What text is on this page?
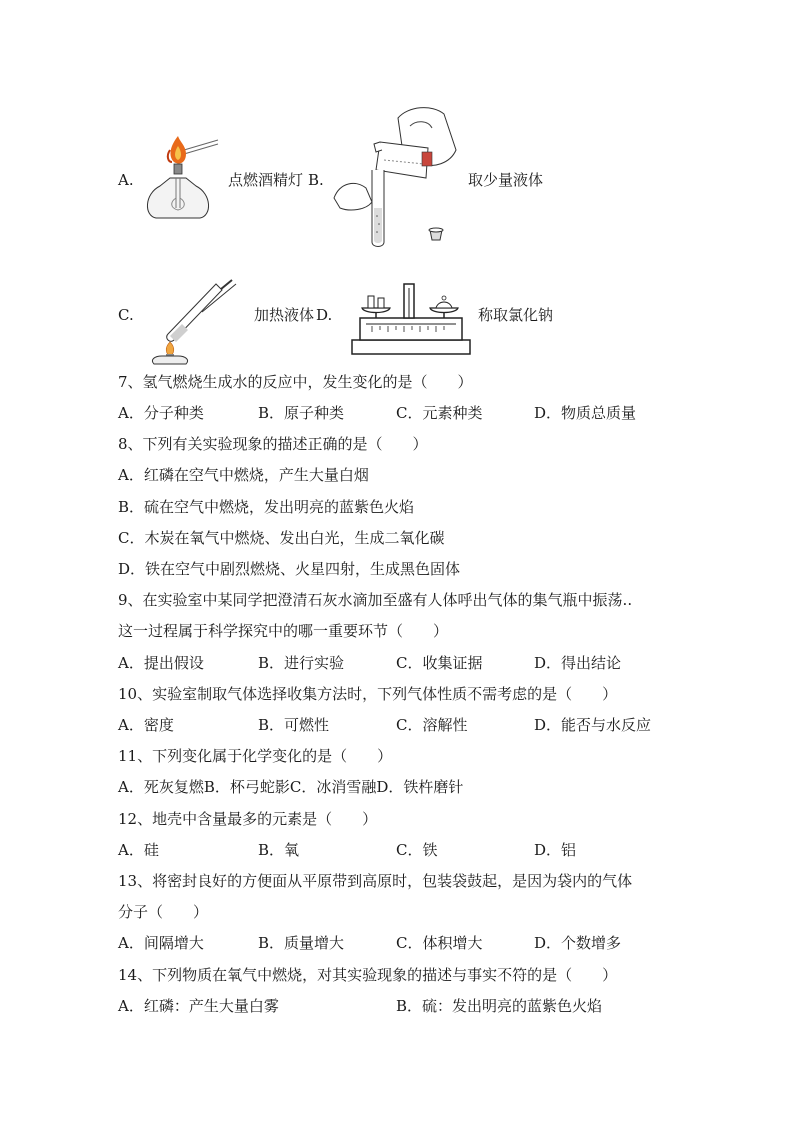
A.	点燃酒精灯 B.	取少量液体
C.	加热液体 D.	称取氯化钠
7、氢气燃烧生成水的反应中，发生变化的是（　　）
A．分子种类	B．原子种类	C．元素种类	D．物质总质量
8、下列有关实验现象的描述正确的是（　　）
A．红磷在空气中燃烧，产生大量白烟
B．硫在空气中燃烧，发出明亮的蓝紫色火焰
C．木炭在氧气中燃烧、发出白光，生成二氧化碳
D．铁在空气中剧烈燃烧、火星四射，生成黑色固体
9、在实验室中某同学把澄清石灰水滴加至盛有人体呼出气体的集气瓶中振荡..
这一过程属于科学探究中的哪一重要环节（　　）
A．提出假设	B．进行实验	C．收集证据	D．得出结论
10、实验室制取气体选择收集方法时，下列气体性质不需考虑的是（　　）
A．密度	B．可燃性	C．溶解性	D．能否与水反应
11、下列变化属于化学变化的是（　　）
A．死灰复燃B．杯弓蛇影C．冰消雪融D．铁杵磨针
12、地壳中含量最多的元素是（　　）
A．硅	B．氧	C．铁	D．铝
13、将密封良好的方便面从平原带到高原时，包装袋鼓起，是因为袋内的气体
分子（　　）
A．间隔增大	B．质量增大	C．体积增大	D．个数增多
14、下列物质在氧气中燃烧，对其实验现象的描述与事实不符的是（　　）
A．红磷：产生大量白雾	B．硫：发出明亮的蓝紫色火焰
